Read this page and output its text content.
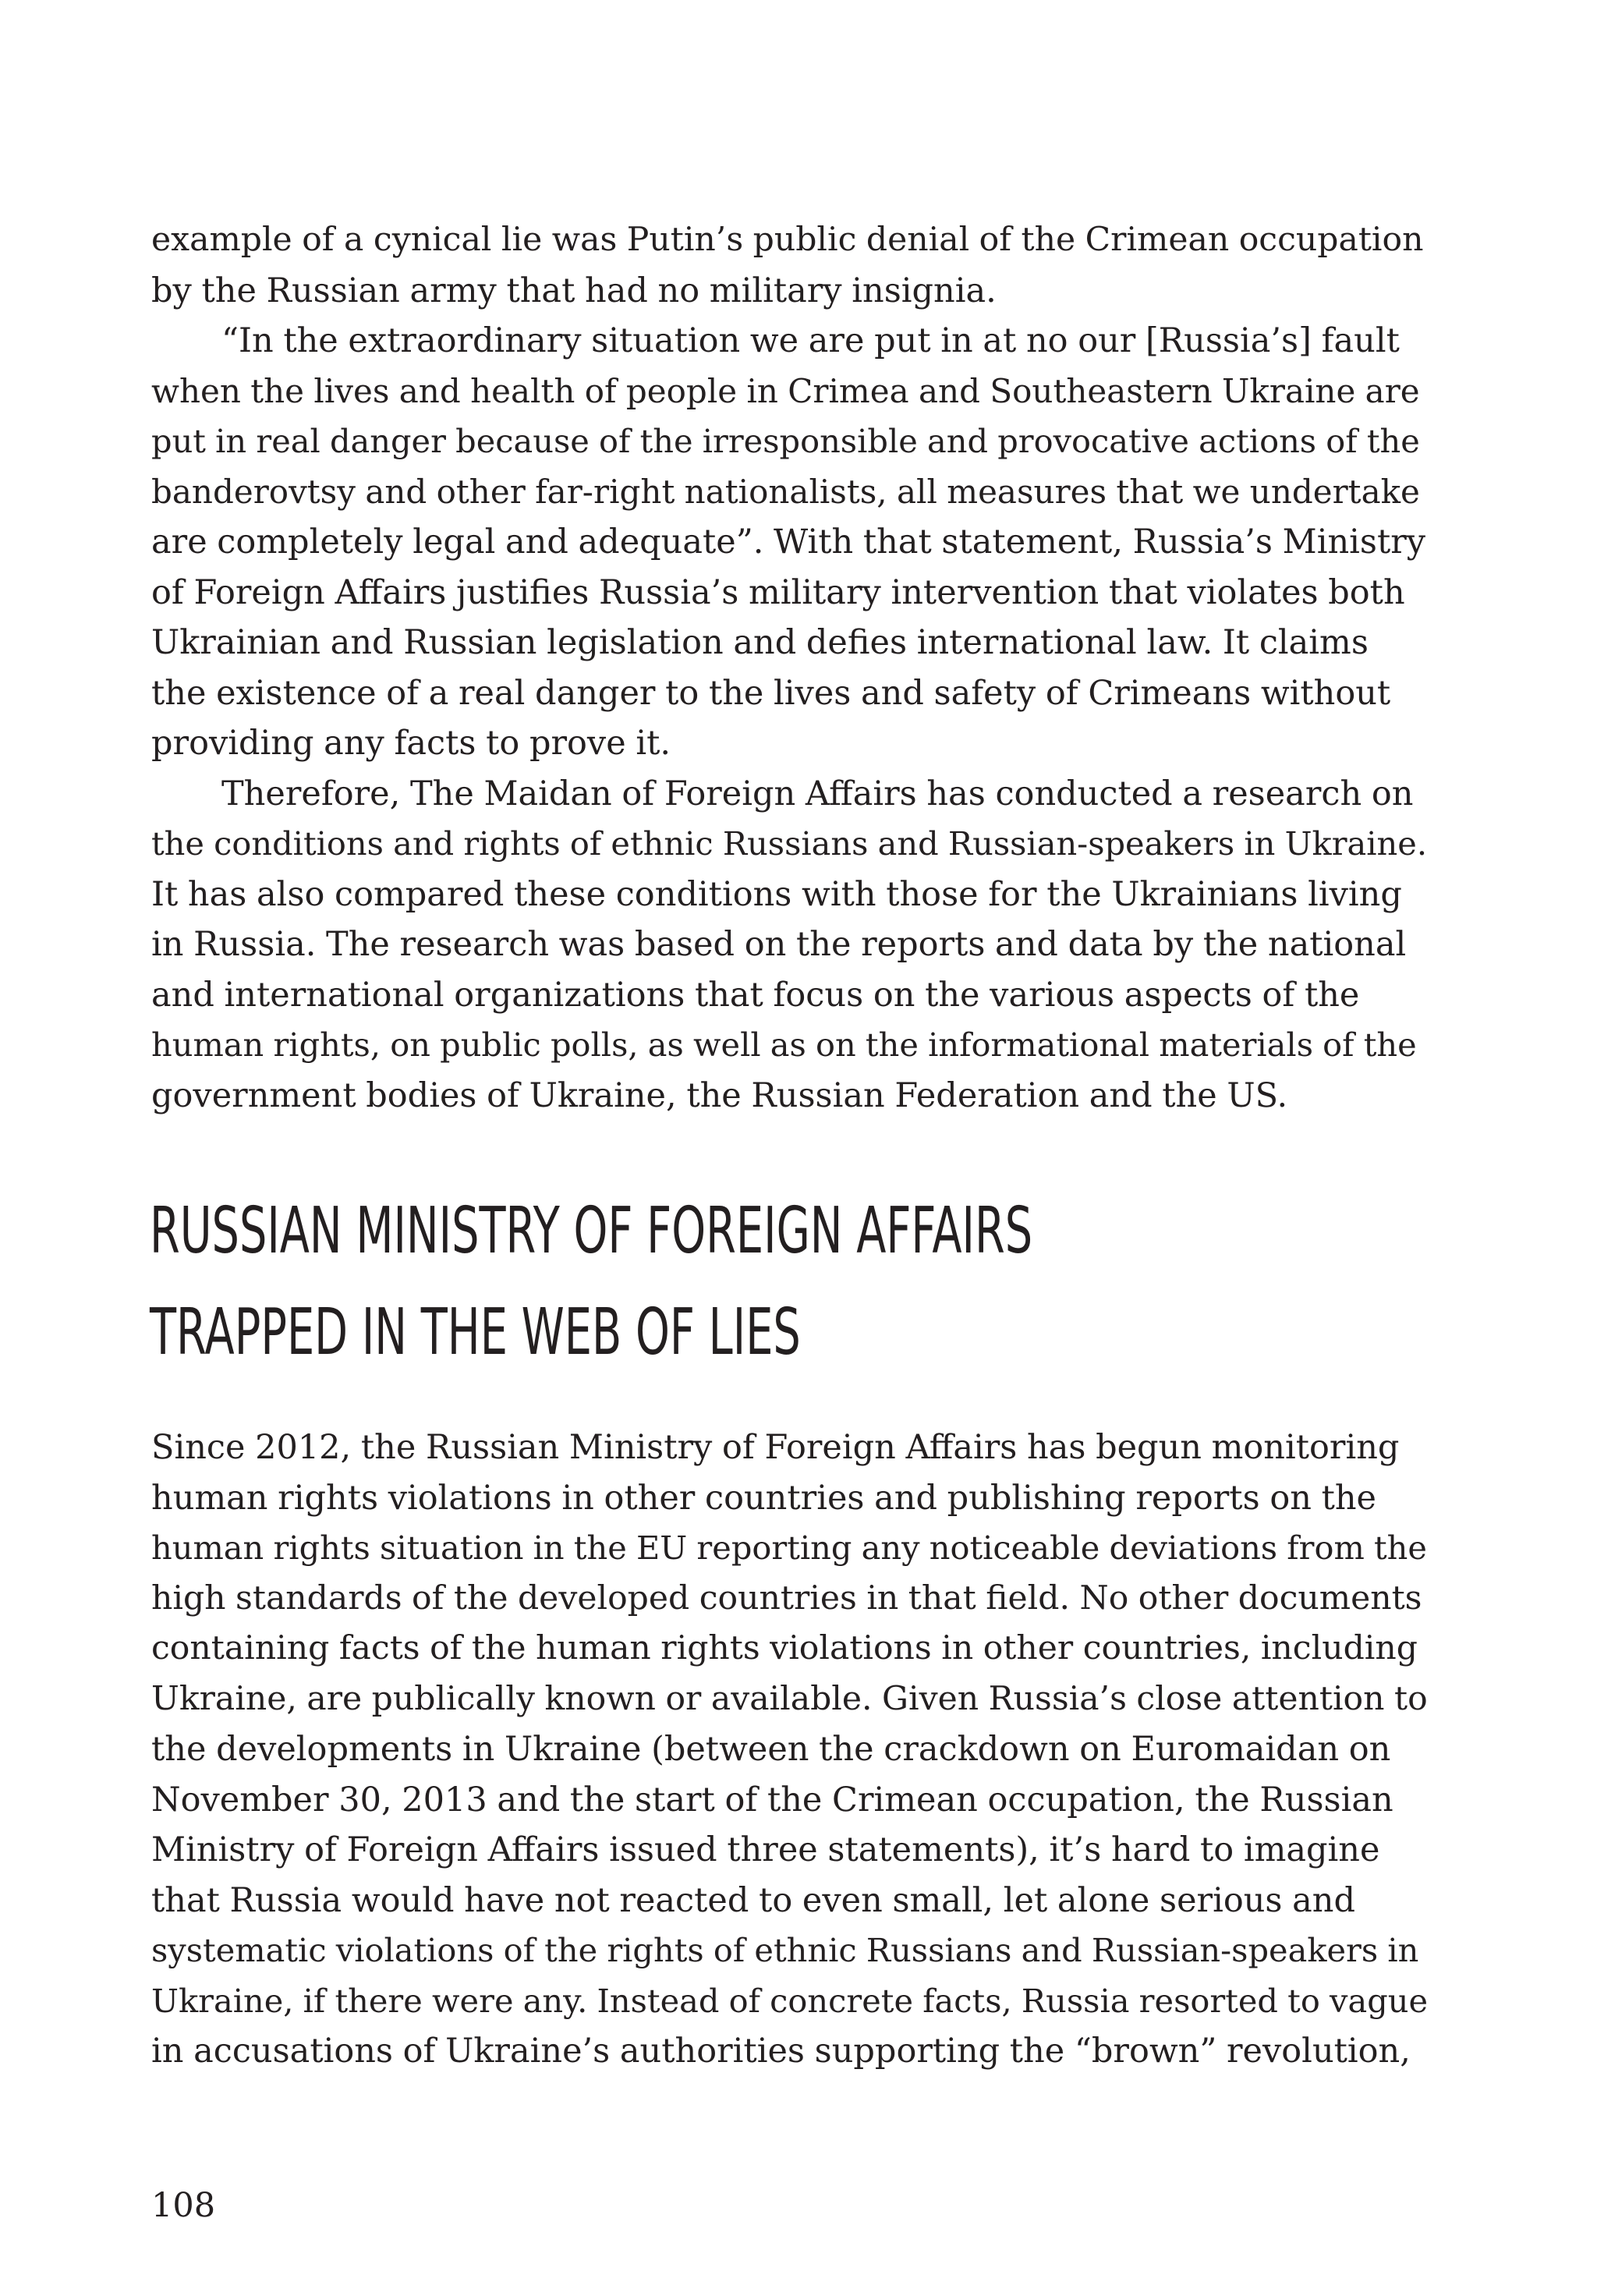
example of a cynical lie was Putin’s public denial of the Crimean occupation
by the Russian army that had no military insignia.

“In the extraordinary situation we are put in at no our [Russia’s] fault
when the lives and health of people in Crimea and Southeastern Ukraine are
put in real danger because of the irresponsible and provocative actions of the
banderovtsy and other far-right nationalists, all measures that we undertake
are completely legal and adequate”. With that statement, Russia’s Ministry
of Foreign Affairs justifies Russia’s military intervention that violates both
Ukrainian and Russian legislation and defies international law. It claims
the existence of a real danger to the lives and safety of Crimeans without
providing any facts to prove it.

Therefore, The Maidan of Foreign Affairs has conducted a research on
the conditions and rights of ethnic Russians and Russian-speakers in Ukraine.
It has also compared these conditions with those for the Ukrainians living
in Russia. The research was based on the reports and data by the national
and international organizations that focus on the various aspects of the
human rights, on public polls, as well as on the informational materials of the
government bodies of Ukraine, the Russian Federation and the US.

RUSSIAN MINISTRY OF FOREIGN AFFAIRS
TRAPPED IN THE WEB OF LIES

Since 2012, the Russian Ministry of Foreign Affairs has begun monitoring
human rights violations in other countries and publishing reports on the
human rights situation in the EU reporting any noticeable deviations from the
high standards of the developed countries in that field. No other documents
containing facts of the human rights violations in other countries, including
Ukraine, are publically known or available. Given Russia’s close attention to
the developments in Ukraine (between the crackdown on Euromaidan on
November 30, 2013 and the start of the Crimean occupation, the Russian
Ministry of Foreign Affairs issued three statements), it’s hard to imagine
that Russia would have not reacted to even small, let alone serious and
systematic violations of the rights of ethnic Russians and Russian-speakers in
Ukraine, if there were any. Instead of concrete facts, Russia resorted to vague
in accusations of Ukraine’s authorities supporting the “brown” revolution,

108
